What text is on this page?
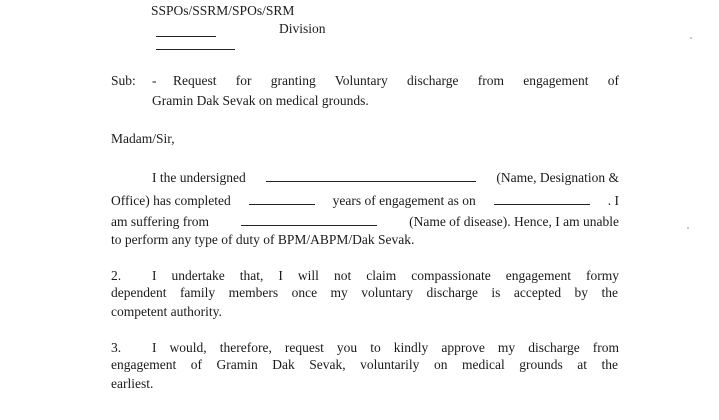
SSPOs/SSRM/SPOs/SRM
Division
Sub: - Request for granting Voluntary discharge from engagement of
Gramin Dak Sevak on medical grounds.
Madam/Sir,
I the undersigned	(Name, Designation &
Office) has completed	years of engagement as on	. I
am suffering from	(Name of disease). Hence, I am unable
to perform any type of duty of BPM/ABPM/Dak Sevak.
2. I undertake that, I will not claim compassionate engagement formy
dependent family members once my voluntary discharge is accepted by the
competent authority.
3. I would, therefore, request you to kindly approve my discharge from
engagement of Gramin Dak Sevak, voluntarily on medical grounds at the
earliest.
